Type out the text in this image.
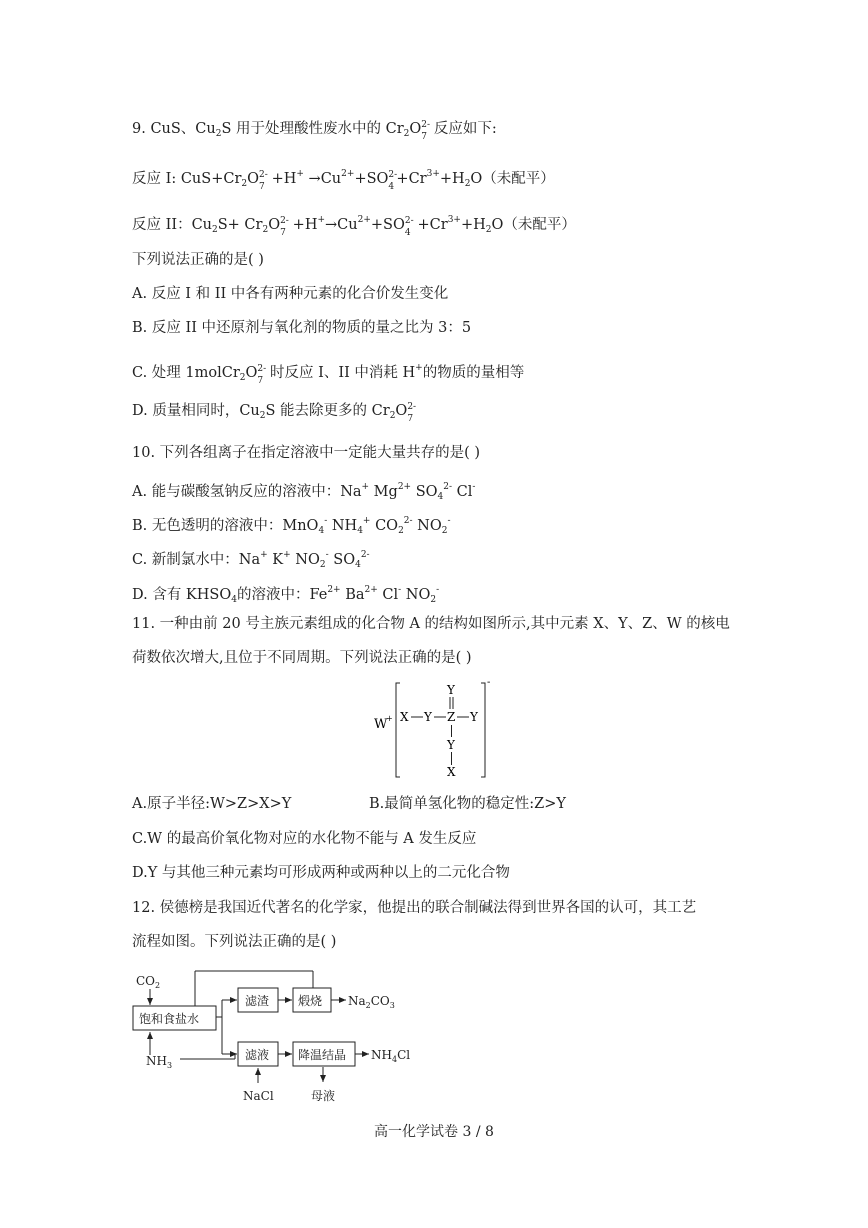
9. CuS、$Cu_2S$ 用于处理酸性废水中的 $Cr_2O$ 2-
7 反应如下:
反应 I: $CuS+Cr_2O$ 2-
$7 +H^+ \to Cu^{2+}+SO$ 2-
$4 +Cr^{3+}+H_2O$（未配平）
反应 II：$Cu_2S+ Cr_2O$ 2-
$7 +H^+\to Cu^{2+}+SO$ 2-
$4 +Cr^{3+}+H_2O$（未配平）
下列说法正确的是( )
A. 反应 I 和 II 中各有两种元素的化合价发生变化
B. 反应 II 中还原剂与氧化剂的物质的量之比为 3：5
C. 处理 1molCr$_2$O 2-
7 时反应 I、II 中消耗 H+的物质的量相等
D. 质量相同时，$Cu_2S$ 能去除更多的 $Cr_2O$ 2-
7
10. 下列各组离子在指定溶液中一定能大量共存的是( )
A. 能与碳酸氢钠反应的溶液中：Na+ $Mg^{2+}$ $SO_4^{2-}$ Cl-
B. 无色透明的溶液中：MnO$_4$- $NH_4^+$ $CO_2^{2-}$ $NO_2^-$
C. 新制氯水中：Na+ K+ $NO_2^-$ $SO_4^{2-}$
D. 含有 $KHSO_4$的溶液中：$Fe^{2+}$ $Ba^{2+}$ Cl- $NO_2^-$
11. 一种由前 20 号主族元素组成的化合物 A 的结构如图所示,其中元素 X、Y、Z、W 的核电
荷数依次增大,且位于不同周期。下列说法正确的是( )
W
+
-
Y
X Y Z Y
Y
X
A.原子半径:W>Z>X>Y	B.最简单氢化物的稳定性:Z>Y
C.W 的最高价氧化物对应的水化物不能与 A 发生反应
D.Y 与其他三种元素均可形成两种或两种以上的二元化合物
12. 侯德榜是我国近代著名的化学家，他提出的联合制碱法得到世界各国的认可，其工艺
流程如图。下列说法正确的是( )
$CO_2$
饱和食盐水
$NH_3$
滤渣 煅烧 $Na_2CO_3$
滤液 降温结晶 $NH_4Cl$
NaCl	母液
高一化学试卷 3 / 8
